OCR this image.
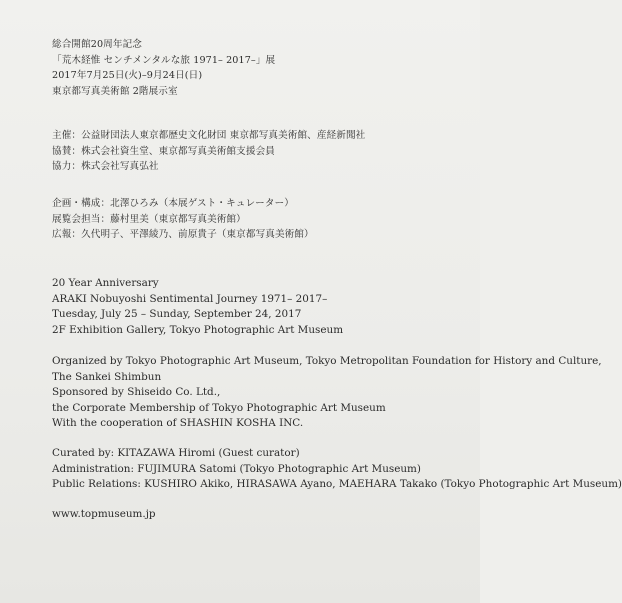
総合開館20周年記念
「荒木経惟 センチメンタルな旅 1971– 2017–」展
2017年7月25日(火)–9月24日(日)
東京都写真美術館 2階展示室
主催：公益財団法人東京都歴史文化財団 東京都写真美術館、産経新聞社
協賛：株式会社資生堂、東京都写真美術館支援会員
協力：株式会社写真弘社
企画・構成：北澤ひろみ（本展ゲスト・キュレーター）
展覧会担当：藤村里美（東京都写真美術館）
広報：久代明子、平澤綾乃、前原貴子（東京都写真美術館）
20 Year Anniversary
ARAKI Nobuyoshi Sentimental Journey 1971– 2017–
Tuesday, July 25 – Sunday, September 24, 2017
2F Exhibition Gallery, Tokyo Photographic Art Museum
Organized by Tokyo Photographic Art Museum, Tokyo Metropolitan Foundation for History and Culture,
The Sankei Shimbun
Sponsored by Shiseido Co. Ltd.,
the Corporate Membership of Tokyo Photographic Art Museum
With the cooperation of SHASHIN KOSHA INC.
Curated by: KITAZAWA Hiromi (Guest curator)
Administration: FUJIMURA Satomi (Tokyo Photographic Art Museum)
Public Relations: KUSHIRO Akiko, HIRASAWA Ayano, MAEHARA Takako (Tokyo Photographic Art Museum)
www.topmuseum.jp
